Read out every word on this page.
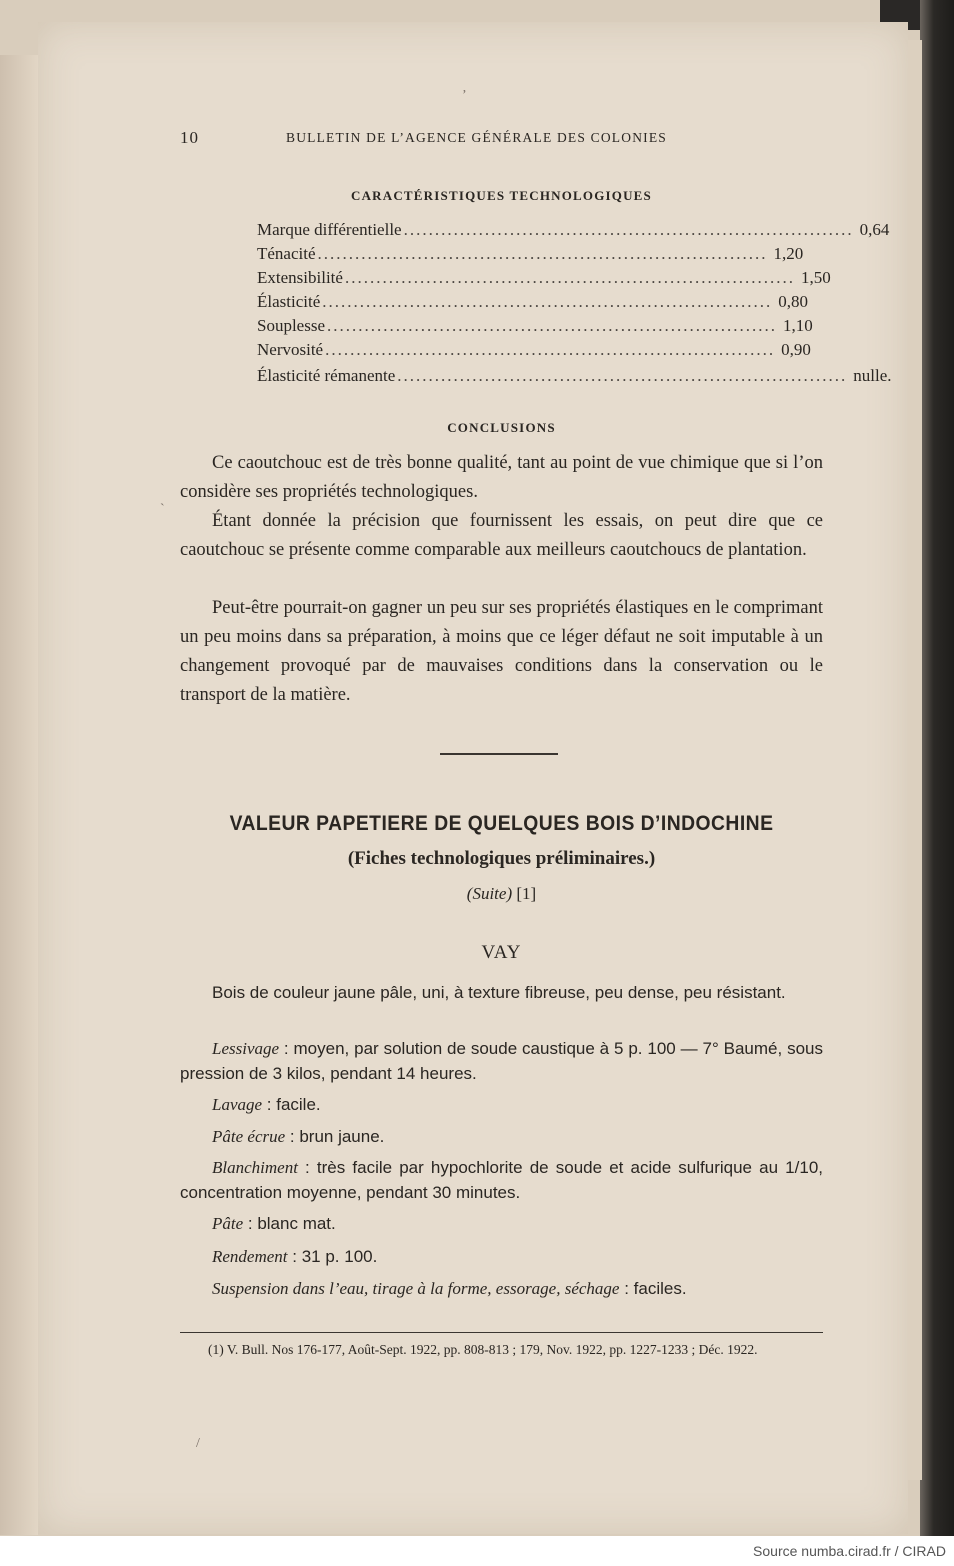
10	BULLETIN DE L’AGENCE GÉNÉRALE DES COLONIES
CARACTÉRISTIQUES TECHNOLOGIQUES
Marque différentielle ........................................................................ 0,64
Ténacité ........................................................................ 1,20
Extensibilité ........................................................................ 1,50
Élasticité ........................................................................ 0,80
Souplesse ........................................................................ 1,10
Nervosité ........................................................................ 0,90
Élasticité rémanente ........................................................................ nulle.
CONCLUSIONS
Ce caoutchouc est de très bonne qualité, tant au point de vue chimique que si l’on considère ses propriétés technologiques.
Étant donnée la précision que fournissent les essais, on peut dire que ce caoutchouc se présente comme comparable aux meilleurs caoutchoucs de plantation.
Peut-être pourrait-on gagner un peu sur ses propriétés élastiques en le comprimant un peu moins dans sa préparation, à moins que ce léger défaut ne soit imputable à un changement provoqué par de mauvaises conditions dans la conservation ou le transport de la matière.
VALEUR PAPETIERE DE QUELQUES BOIS D’INDOCHINE
(Fiches technologiques préliminaires.)
(Suite) [1]
VAY
Bois de couleur jaune pâle, uni, à texture fibreuse, peu dense, peu résistant.
Lessivage : moyen, par solution de soude caustique à 5 p. 100 — 7° Baumé, sous pression de 3 kilos, pendant 14 heures.
Lavage : facile.
Pâte écrue : brun jaune.
Blanchiment : très facile par hypochlorite de soude et acide sulfurique au 1/10, concentration moyenne, pendant 30 minutes.
Pâte : blanc mat.
Rendement : 31 p. 100.
Suspension dans l’eau, tirage à la forme, essorage, séchage : faciles.
(1) V. Bull. Nos 176-177, Août-Sept. 1922, pp. 808-813 ; 179, Nov. 1922, pp. 1227-1233 ; Déc. 1922.
ʼ
˴
/
Source numba.cirad.fr / CIRAD
